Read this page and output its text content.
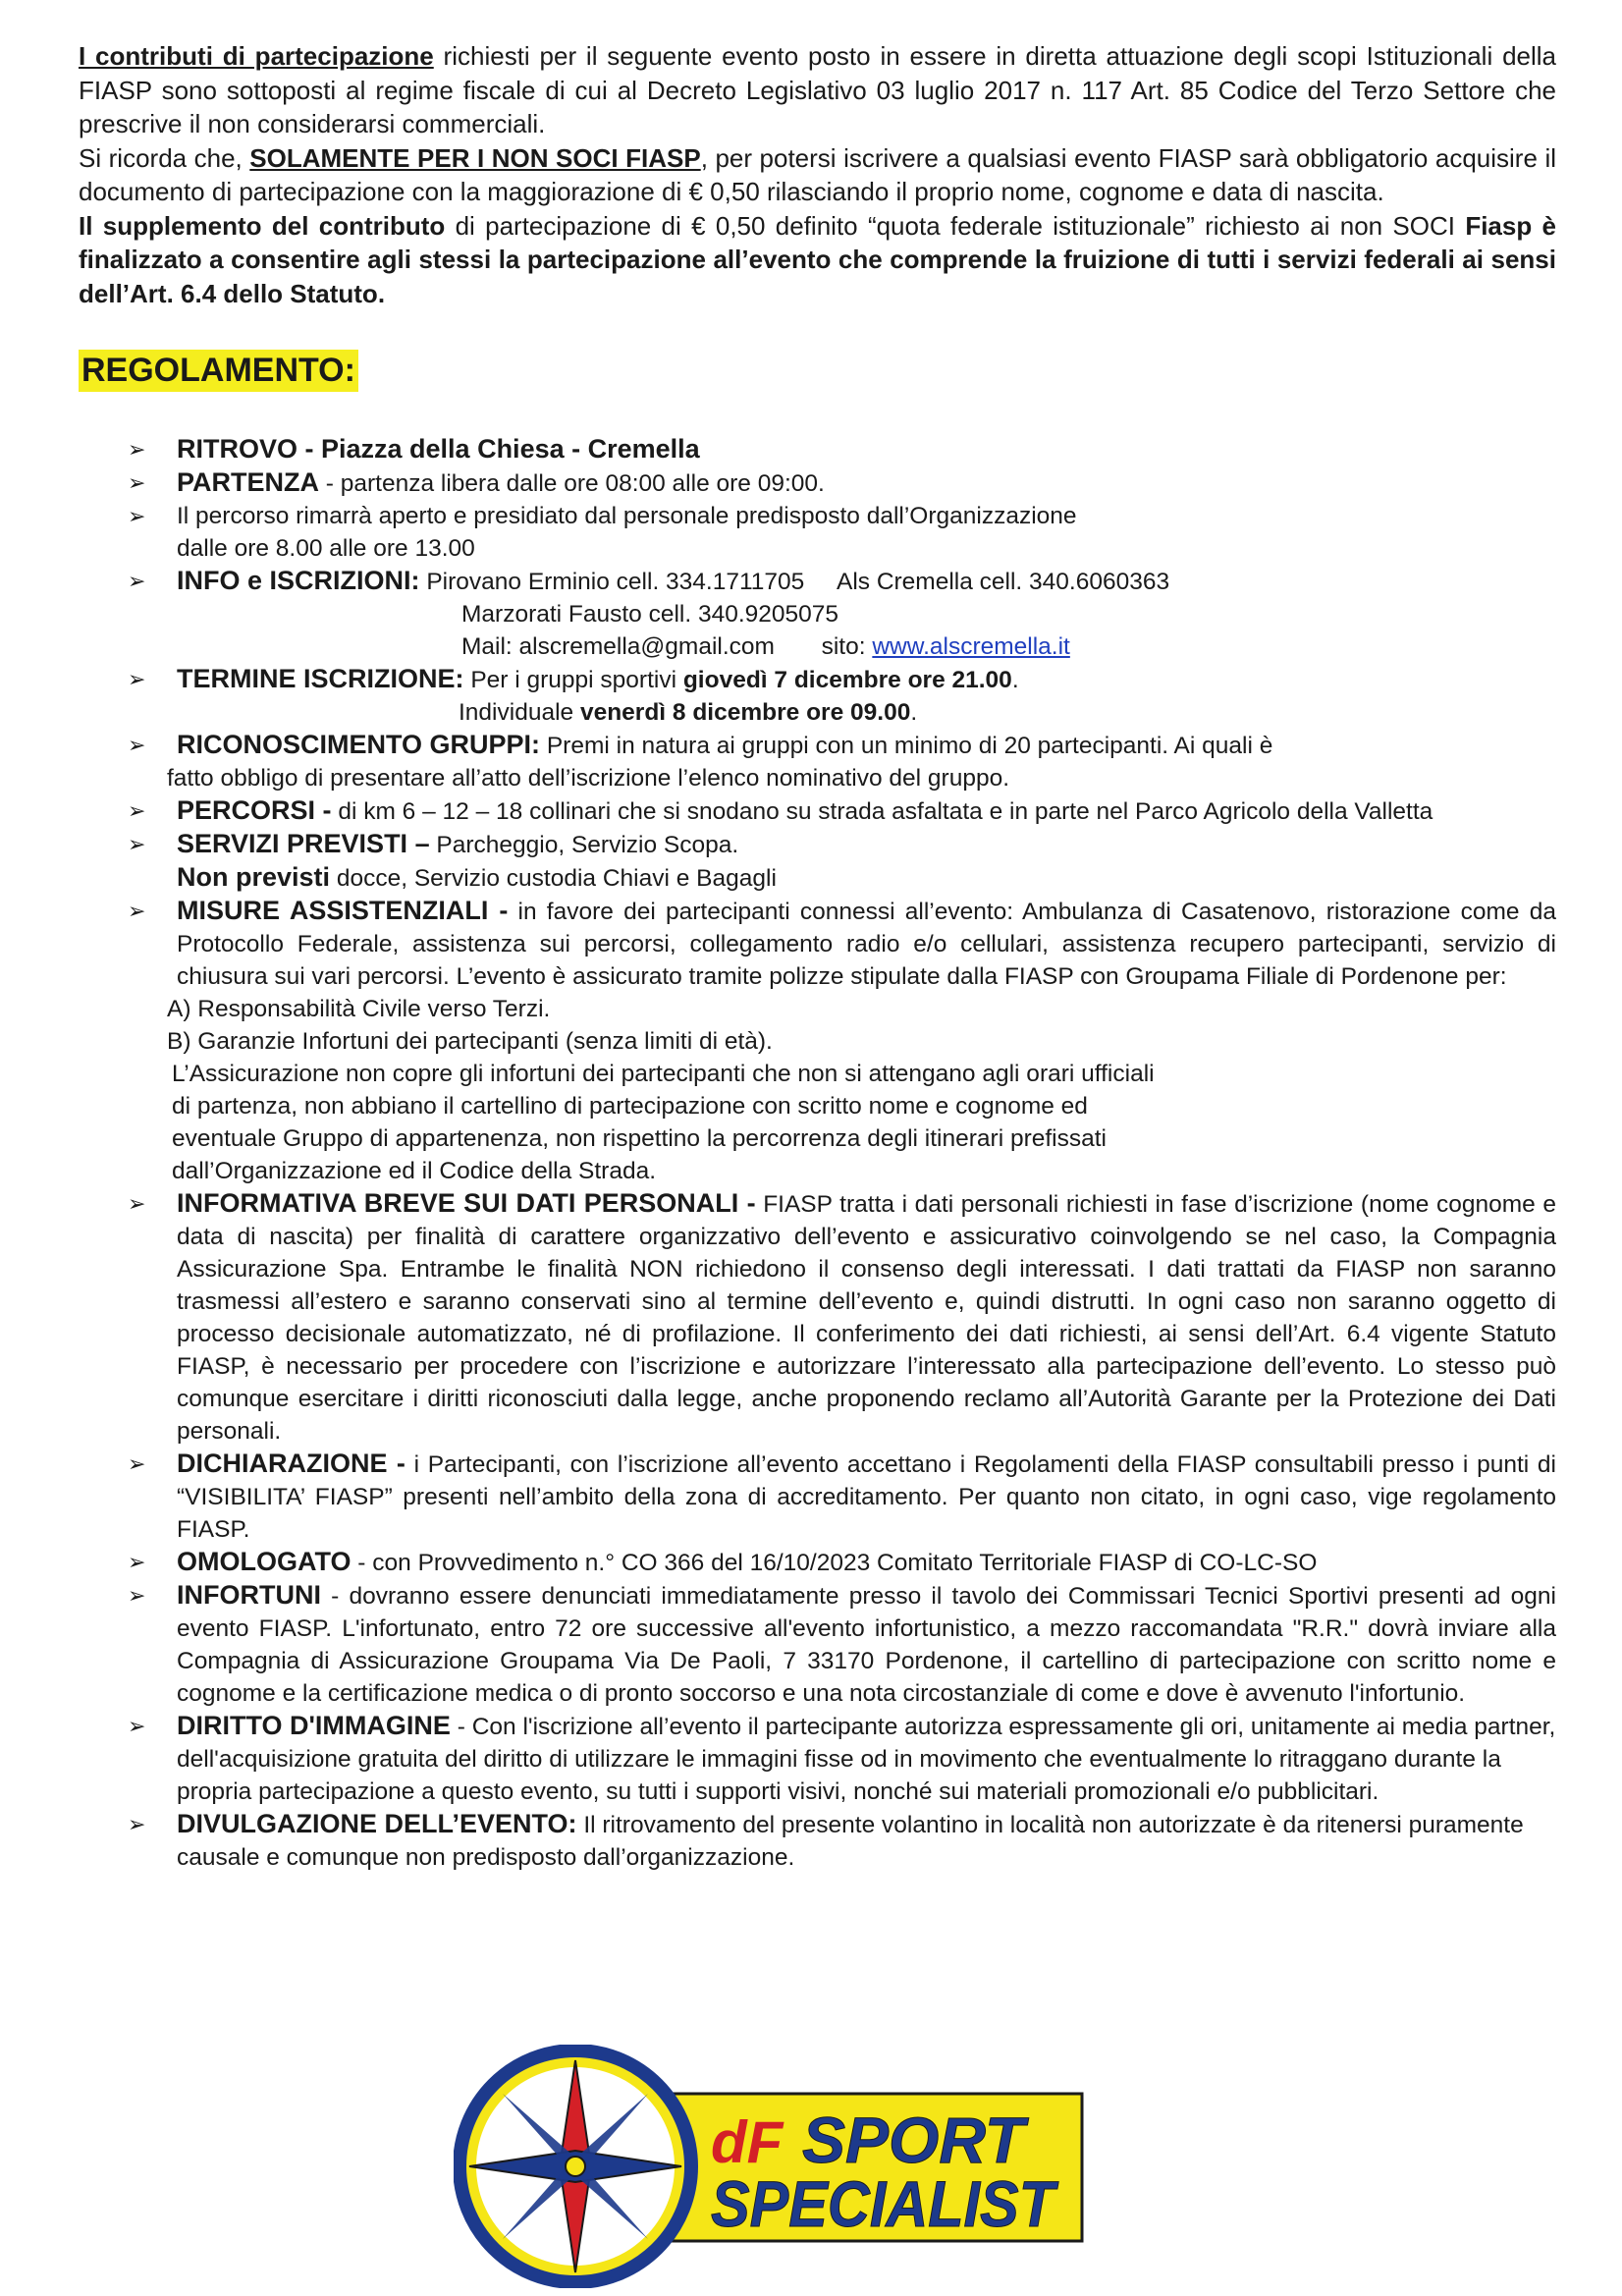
I contributi di partecipazione richiesti per il seguente evento posto in essere in diretta attuazione degli scopi Istituzionali della FIASP sono sottoposti al regime fiscale di cui al Decreto Legislativo 03 luglio 2017 n. 117 Art. 85 Codice del Terzo Settore che prescrive il non considerarsi commerciali.
Si ricorda che, SOLAMENTE PER I NON SOCI FIASP, per potersi iscrivere a qualsiasi evento FIASP sarà obbligatorio acquisire il documento di partecipazione con la maggiorazione di € 0,50 rilasciando il proprio nome, cognome e data di nascita.
Il supplemento del contributo di partecipazione di € 0,50 definito “quota federale istituzionale” richiesto ai non SOCI Fiasp è finalizzato a consentire agli stessi la partecipazione all’evento che comprende la fruizione di tutti i servizi federali ai sensi dell’Art. 6.4 dello Statuto.

REGOLAMENTO:
➢ RITROVO - Piazza della Chiesa - Cremella
➢ PARTENZA - partenza libera dalle ore 08:00 alle ore 09:00.
➢ Il percorso rimarrà aperto e presidiato dal personale predisposto dall’Organizzazione
dalle ore 8.00 alle ore 13.00
➢ INFO e ISCRIZIONI: Pirovano Erminio cell. 334.1711705     Als Cremella cell. 340.6060363
Marzorati Fausto cell. 340.9205075
Mail: alscremella@gmail.com       sito: www.alscremella.it
➢ TERMINE ISCRIZIONE: Per i gruppi sportivi giovedì 7 dicembre ore 21.00.
Individuale venerdì 8 dicembre ore 09.00.
➢ RICONOSCIMENTO GRUPPI: Premi in natura ai gruppi con un minimo di 20 partecipanti. Ai quali è
fatto obbligo di presentare all’atto dell’iscrizione l’elenco nominativo del gruppo.
➢ PERCORSI - di km 6 – 12 – 18 collinari che si snodano su strada asfaltata e in parte nel Parco Agricolo della Valletta
➢ SERVIZI PREVISTI – Parcheggio, Servizio Scopa.
Non previsti docce, Servizio custodia Chiavi e Bagagli
➢ MISURE ASSISTENZIALI - in favore dei partecipanti connessi all’evento: Ambulanza di Casatenovo, ristorazione come da Protocollo Federale, assistenza sui percorsi, collegamento radio e/o cellulari, assistenza recupero partecipanti, servizio di chiusura sui vari percorsi. L’evento è assicurato tramite polizze stipulate dalla FIASP con Groupama Filiale di Pordenone per:
A) Responsabilità Civile verso Terzi.
B) Garanzie Infortuni dei partecipanti (senza limiti di età).
L’Assicurazione non copre gli infortuni dei partecipanti che non si attengano agli orari ufficiali
di partenza, non abbiano il cartellino di partecipazione con scritto nome e cognome ed
eventuale Gruppo di appartenenza, non rispettino la percorrenza degli itinerari prefissati
dall’Organizzazione ed il Codice della Strada.
➢ INFORMATIVA BREVE SUI DATI PERSONALI - FIASP tratta i dati personali richiesti in fase d’iscrizione (nome cognome e data di nascita) per finalità di carattere organizzativo dell’evento e assicurativo coinvolgendo se nel caso, la Compagnia Assicurazione Spa. Entrambe le finalità NON richiedono il consenso degli interessati. I dati trattati da FIASP non saranno trasmessi all’estero e saranno conservati sino al termine dell’evento e, quindi distrutti. In ogni caso non saranno oggetto di processo decisionale automatizzato, né di profilazione. Il conferimento dei dati richiesti, ai sensi dell’Art. 6.4 vigente Statuto FIASP, è necessario per procedere con l’iscrizione e autorizzare l’interessato alla partecipazione dell’evento. Lo stesso può comunque esercitare i diritti riconosciuti dalla legge, anche proponendo reclamo all’Autorità Garante per la Protezione dei Dati personali.
➢ DICHIARAZIONE - i Partecipanti, con l’iscrizione all’evento accettano i Regolamenti della FIASP consultabili presso i punti di “VISIBILITA’ FIASP” presenti nell’ambito della zona di accreditamento. Per quanto non citato, in ogni caso, vige regolamento FIASP.
➢ OMOLOGATO - con Provvedimento n.° CO 366 del 16/10/2023 Comitato Territoriale FIASP di CO-LC-SO
➢ INFORTUNI - dovranno essere denunciati immediatamente presso il tavolo dei Commissari Tecnici Sportivi presenti ad ogni evento FIASP. L'infortunato, entro 72 ore successive all'evento infortunistico, a mezzo raccomandata "R.R." dovrà inviare alla Compagnia di Assicurazione Groupama Via De Paoli, 7 33170 Pordenone, il cartellino di partecipazione con scritto nome e cognome e la certificazione medica o di pronto soccorso e una nota circostanziale di come e dove è avvenuto l'infortunio.
➢ DIRITTO D'IMMAGINE - Con l'iscrizione all’evento il partecipante autorizza espressamente gli ori, unitamente ai media partner, dell'acquisizione gratuita del diritto di utilizzare le immagini fisse od in movimento che eventualmente lo ritraggano durante la propria partecipazione a questo evento, su tutti i supporti visivi, nonché sui materiali promozionali e/o pubblicitari.
➢ DIVULGAZIONE DELL’EVENTO: Il ritrovamento del presente volantino in località non autorizzate è da ritenersi puramente causale e comunque non predisposto dall’organizzazione.
dF SPORT
SPECIALIST
